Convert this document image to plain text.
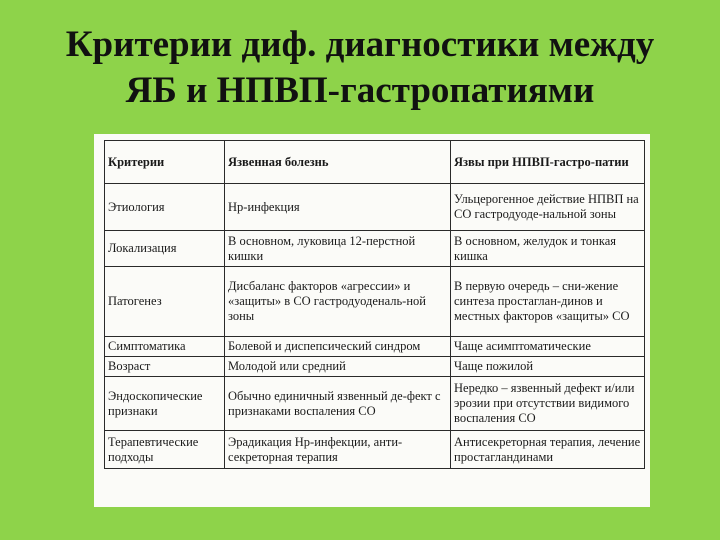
Критерии диф. диагностики между
ЯБ и НПВП-гастропатиями
Критерии	Язвенная болезнь	Язвы при НПВП-гастро-патии
Этиология	Нр-инфекция	Ульцерогенное действие НПВП на СО гастродуоде-нальной зоны
Локализация	В основном, луковица 12-перстной кишки	В основном, желудок и тонкая кишка
Патогенез	Дисбаланс факторов «агрессии» и «защиты» в СО гастродуоденаль-ной зоны	В первую очередь – сни-жение синтеза простаглан-динов и местных факторов «защиты» СО
Симптоматика	Болевой и диспепсический синдром	Чаще асимптоматические
Возраст	Молодой или средний	Чаще пожилой
Эндоскопические признаки	Обычно единичный язвенный де-фект с признаками воспаления СО	Нередко – язвенный дефект и/или эрозии при отсутствии видимого воспаления СО
Терапевтические подходы	Эрадикация Нр-инфекции, анти-секреторная терапия	Антисекреторная терапия, лечение простагландинами
